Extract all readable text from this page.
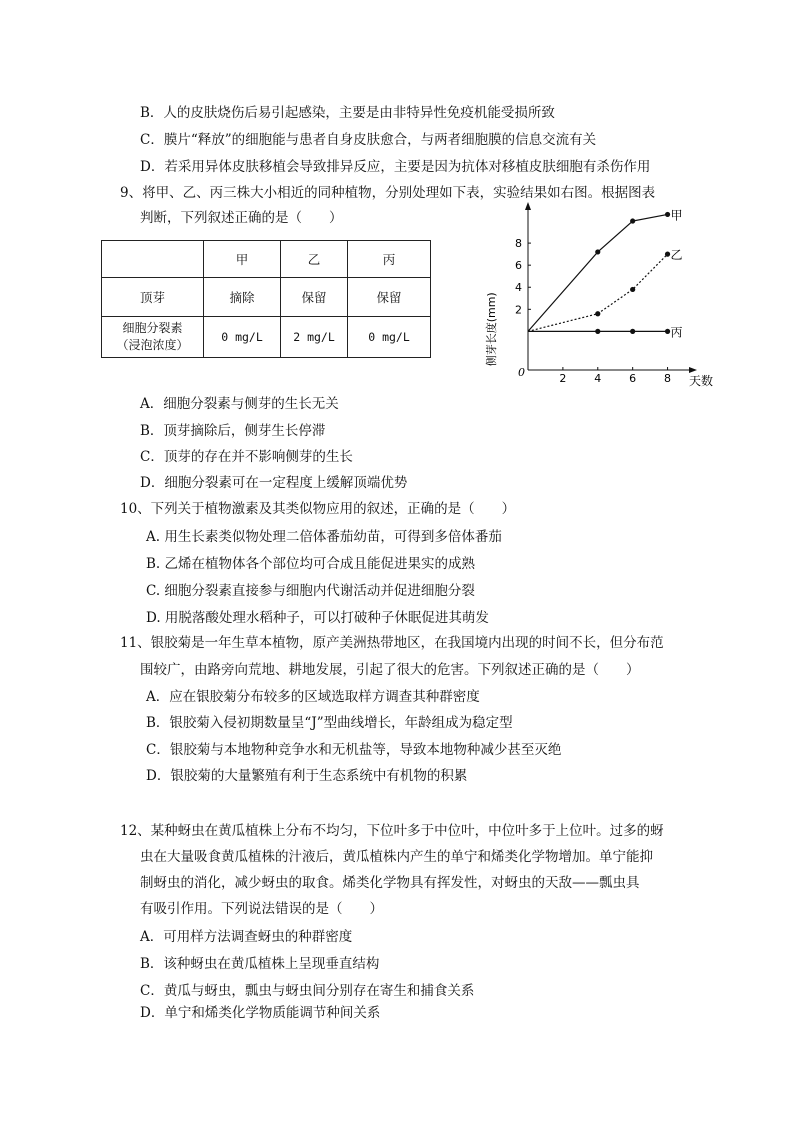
B．人的皮肤烧伤后易引起感染，主要是由非特异性免疫机能受损所致
C．膜片“释放”的细胞能与患者自身皮肤愈合，与两者细胞膜的信息交流有关
D．若采用异体皮肤移植会导致排异反应，主要是因为抗体对移植皮肤细胞有杀伤作用
9、将甲、乙、丙三株大小相近的同种植物，分别处理如下表，实验结果如右图。根据图表
判断，下列叙述正确的是（　　）
	甲	乙	丙
顶芽	摘除	保留	保留

细胞分裂素
（浸泡浓度）	0 mg/L	2 mg/L	0 mg/L
0	2	4	6	8
2
4
6
8
天数
侧芽长度(mm)
甲
乙
丙
A．细胞分裂素与侧芽的生长无关
B．顶芽摘除后，侧芽生长停滞
C．顶芽的存在并不影响侧芽的生长
D．细胞分裂素可在一定程度上缓解顶端优势
10、下列关于植物激素及其类似物应用的叙述，正确的是（　　）
A. 用生长素类似物处理二倍体番茄幼苗，可得到多倍体番茄
B. 乙烯在植物体各个部位均可合成且能促进果实的成熟
C. 细胞分裂素直接参与细胞内代谢活动并促进细胞分裂
D. 用脱落酸处理水稻种子，可以打破种子休眠促进其萌发
11、银胶菊是一年生草本植物，原产美洲热带地区，在我国境内出现的时间不长，但分布范
围较广，由路旁向荒地、耕地发展，引起了很大的危害。下列叙述正确的是（　　）
A．应在银胶菊分布较多的区域选取样方调查其种群密度
B．银胶菊入侵初期数量呈“J”型曲线增长，年龄组成为稳定型
C．银胶菊与本地物种竞争水和无机盐等，导致本地物种减少甚至灭绝
D．银胶菊的大量繁殖有利于生态系统中有机物的积累
12、某种蚜虫在黄瓜植株上分布不均匀，下位叶多于中位叶，中位叶多于上位叶。过多的蚜
虫在大量吸食黄瓜植株的汁液后，黄瓜植株内产生的单宁和烯类化学物增加。单宁能抑
制蚜虫的消化，减少蚜虫的取食。烯类化学物具有挥发性，对蚜虫的天敌——瓢虫具
有吸引作用。下列说法错误的是（　　）
A．可用样方法调查蚜虫的种群密度
B．该种蚜虫在黄瓜植株上呈现垂直结构
C．黄瓜与蚜虫，瓢虫与蚜虫间分别存在寄生和捕食关系
D．单宁和烯类化学物质能调节种间关系
